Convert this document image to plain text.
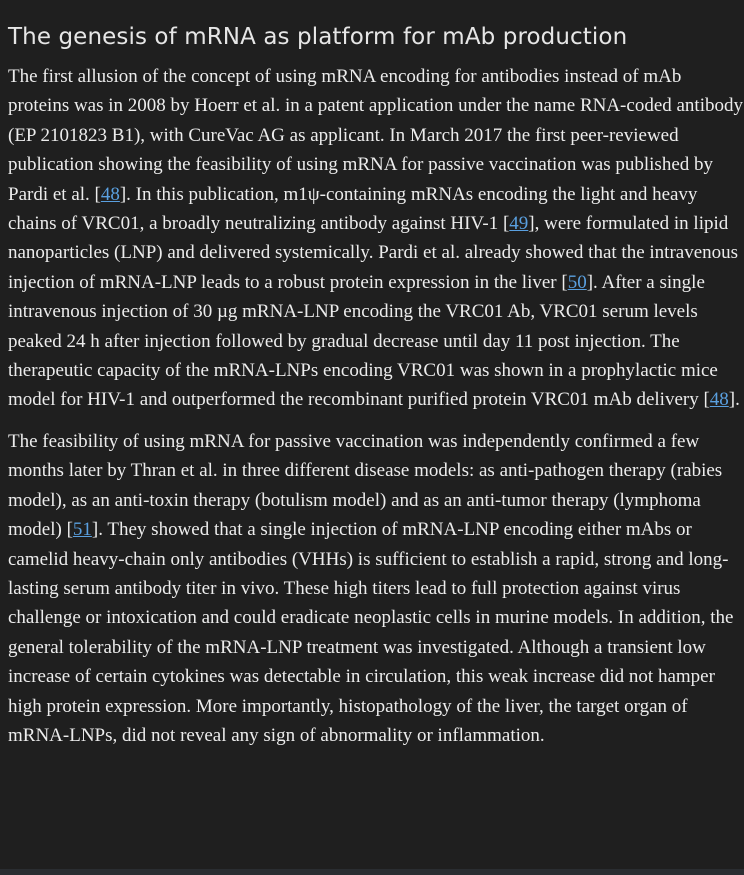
The genesis of mRNA as platform for mAb production

The first allusion of the concept of using mRNA encoding for antibodies instead of mAb proteins was in 2008 by Hoerr et al. in a patent application under the name RNA-coded antibody (EP 2101823 B1), with CureVac AG as applicant. In March 2017 the first peer-reviewed publication showing the feasibility of using mRNA for passive vaccination was published by Pardi et al. [48]. In this publication, m1ψ-containing mRNAs encoding the light and heavy chains of VRC01, a broadly neutralizing antibody against HIV-1 [49], were formulated in lipid nanoparticles (LNP) and delivered systemically. Pardi et al. already showed that the intravenous injection of mRNA-LNP leads to a robust protein expression in the liver [50]. After a single intravenous injection of 30 µg mRNA-LNP encoding the VRC01 Ab, VRC01 serum levels peaked 24 h after injection followed by gradual decrease until day 11 post injection. The therapeutic capacity of the mRNA-LNPs encoding VRC01 was shown in a prophylactic mice model for HIV-1 and outperformed the recombinant purified protein VRC01 mAb delivery [48].

The feasibility of using mRNA for passive vaccination was independently confirmed a few months later by Thran et al. in three different disease models: as anti-pathogen therapy (rabies model), as an anti-toxin therapy (botulism model) and as an anti-tumor therapy (lymphoma model) [51]. They showed that a single injection of mRNA-LNP encoding either mAbs or camelid heavy-chain only antibodies (VHHs) is sufficient to establish a rapid, strong and long-lasting serum antibody titer in vivo. These high titers lead to full protection against virus challenge or intoxication and could eradicate neoplastic cells in murine models. In addition, the general tolerability of the mRNA-LNP treatment was investigated. Although a transient low increase of certain cytokines was detectable in circulation, this weak increase did not hamper high protein expression. More importantly, histopathology of the liver, the target organ of mRNA-LNPs, did not reveal any sign of abnormality or inflammation.
